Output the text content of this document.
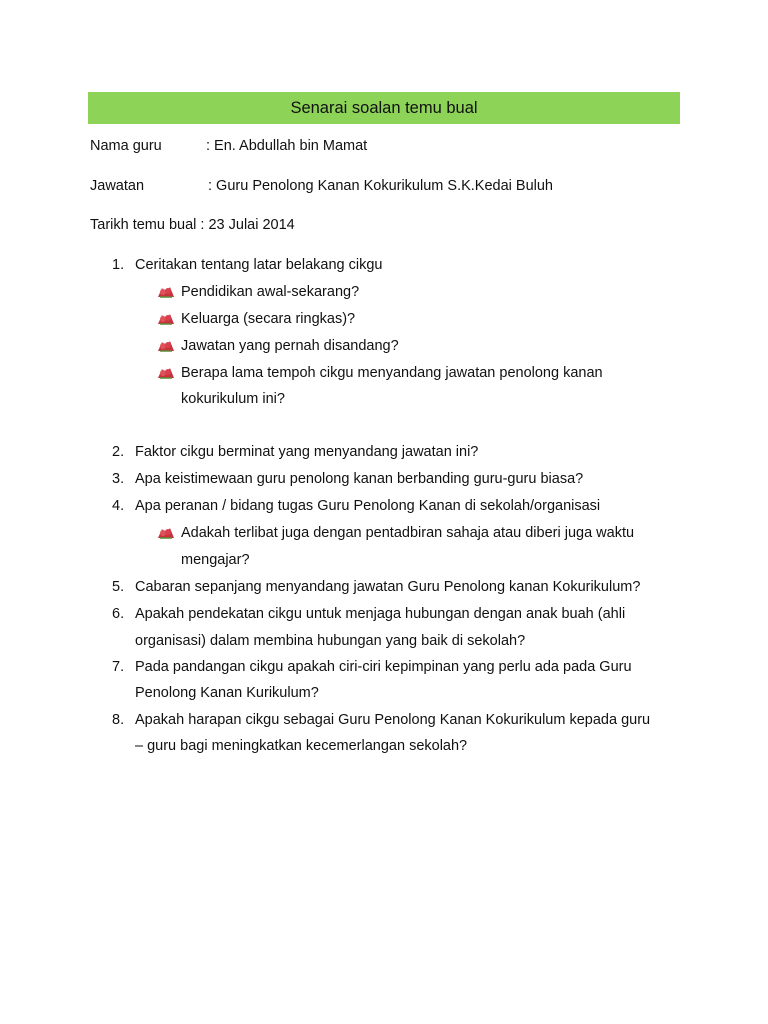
Senarai soalan temu bual
Nama guru	: En. Abdullah bin Mamat
Jawatan	: Guru Penolong Kanan Kokurikulum S.K.Kedai Buluh
Tarikh temu bual : 23 Julai 2014
1. Ceritakan tentang latar belakang cikgu
Pendidikan awal-sekarang?
Keluarga (secara ringkas)?
Jawatan yang pernah disandang?
Berapa lama tempoh cikgu menyandang jawatan penolong kanan
kokurikulum ini?
2. Faktor cikgu berminat yang menyandang jawatan ini?
3. Apa keistimewaan guru penolong kanan berbanding guru-guru biasa?
4. Apa peranan / bidang tugas Guru Penolong Kanan di sekolah/organisasi
Adakah terlibat juga dengan pentadbiran sahaja atau diberi juga waktu
mengajar?
5. Cabaran sepanjang menyandang jawatan Guru Penolong kanan Kokurikulum?
6. Apakah pendekatan cikgu untuk menjaga hubungan dengan anak buah (ahli
organisasi) dalam membina hubungan yang baik di sekolah?
7. Pada pandangan cikgu apakah ciri-ciri kepimpinan yang perlu ada pada Guru
Penolong Kanan Kurikulum?
8. Apakah harapan cikgu sebagai Guru Penolong Kanan Kokurikulum kepada guru
– guru bagi meningkatkan kecemerlangan sekolah?
